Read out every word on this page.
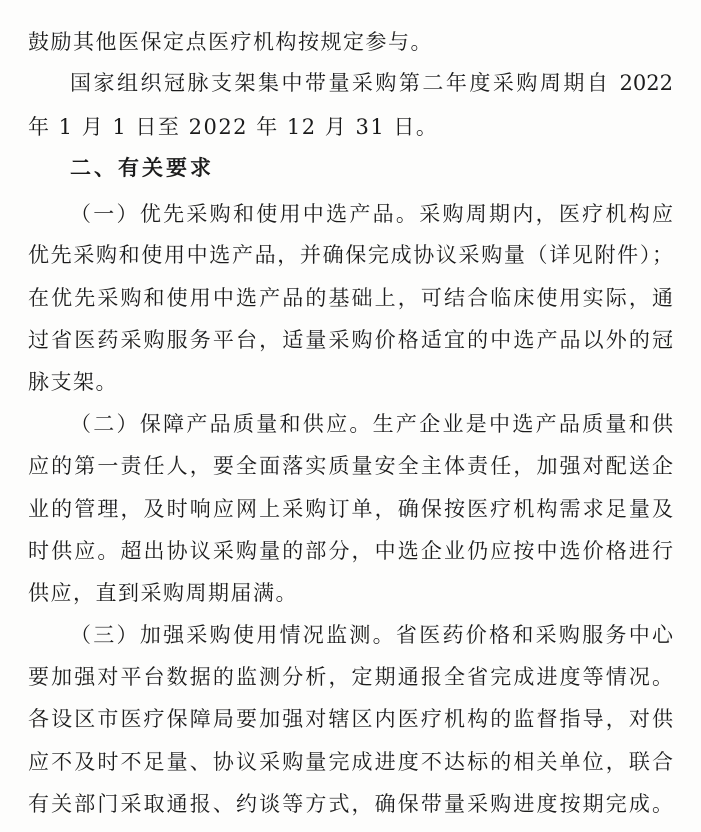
鼓励其他医保定点医疗机构按规定参与。
国家组织冠脉支架集中带量采购第二年度采购周期自 2022
年 1 月 1 日至 2022 年 12 月 31 日。
二、有关要求
（一）优先采购和使用中选产品。采购周期内，医疗机构应
优先采购和使用中选产品，并确保完成协议采购量（详见附件）；
在优先采购和使用中选产品的基础上，可结合临床使用实际，通
过省医药采购服务平台，适量采购价格适宜的中选产品以外的冠
脉支架。
（二）保障产品质量和供应。生产企业是中选产品质量和供
应的第一责任人，要全面落实质量安全主体责任，加强对配送企
业的管理，及时响应网上采购订单，确保按医疗机构需求足量及
时供应。超出协议采购量的部分，中选企业仍应按中选价格进行
供应，直到采购周期届满。
（三）加强采购使用情况监测。省医药价格和采购服务中心
要加强对平台数据的监测分析，定期通报全省完成进度等情况。
各设区市医疗保障局要加强对辖区内医疗机构的监督指导，对供
应不及时不足量、协议采购量完成进度不达标的相关单位，联合
有关部门采取通报、约谈等方式，确保带量采购进度按期完成。
